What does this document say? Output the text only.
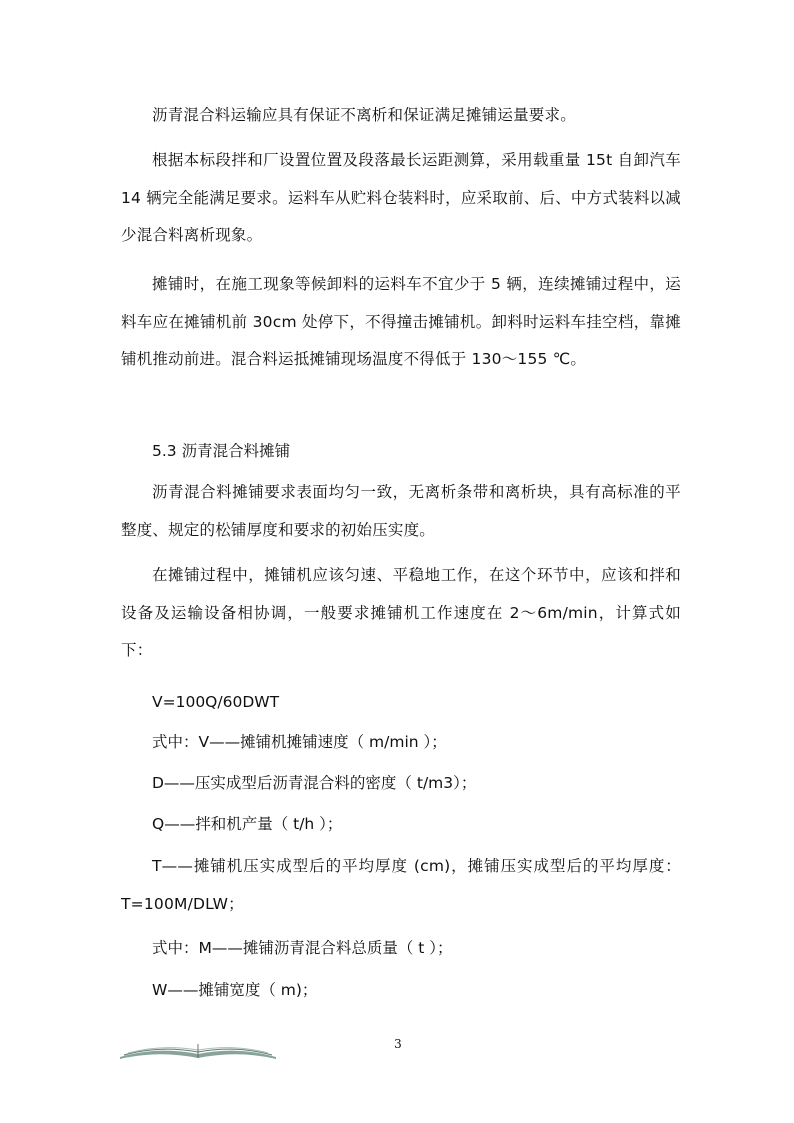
沥青混合料运输应具有保证不离析和保证满足摊铺运量要求。

根据本标段拌和厂设置位置及段落最长运距测算，采用载重量 15t 自卸汽车 14 辆完全能满足要求。运料车从贮料仓装料时，应采取前、后、中方式装料以减少混合料离析现象。

摊铺时，在施工现象等候卸料的运料车不宜少于 5 辆，连续摊铺过程中，运料车应在摊铺机前 30cm 处停下，不得撞击摊铺机。卸料时运料车挂空档，靠摊铺机推动前进。混合料运抵摊铺现场温度不得低于 130～155 ℃。

5.3 沥青混合料摊铺

沥青混合料摊铺要求表面均匀一致，无离析条带和离析块，具有高标准的平整度、规定的松铺厚度和要求的初始压实度。

在摊铺过程中，摊铺机应该匀速、平稳地工作，在这个环节中，应该和拌和设备及运输设备相协调，一般要求摊铺机工作速度在 2～6m/min，计算式如下：

V=100Q/60DWT

式中：V——摊铺机摊铺速度（ m/min ）；

D——压实成型后沥青混合料的密度（ t/m3）；

Q——拌和机产量（ t/h ）；

T——摊铺机压实成型后的平均厚度 (cm)，摊铺压实成型后的平均厚度： T=100M/DLW；

式中：M——摊铺沥青混合料总质量（ t ）；

W——摊铺宽度（ m)；

3
